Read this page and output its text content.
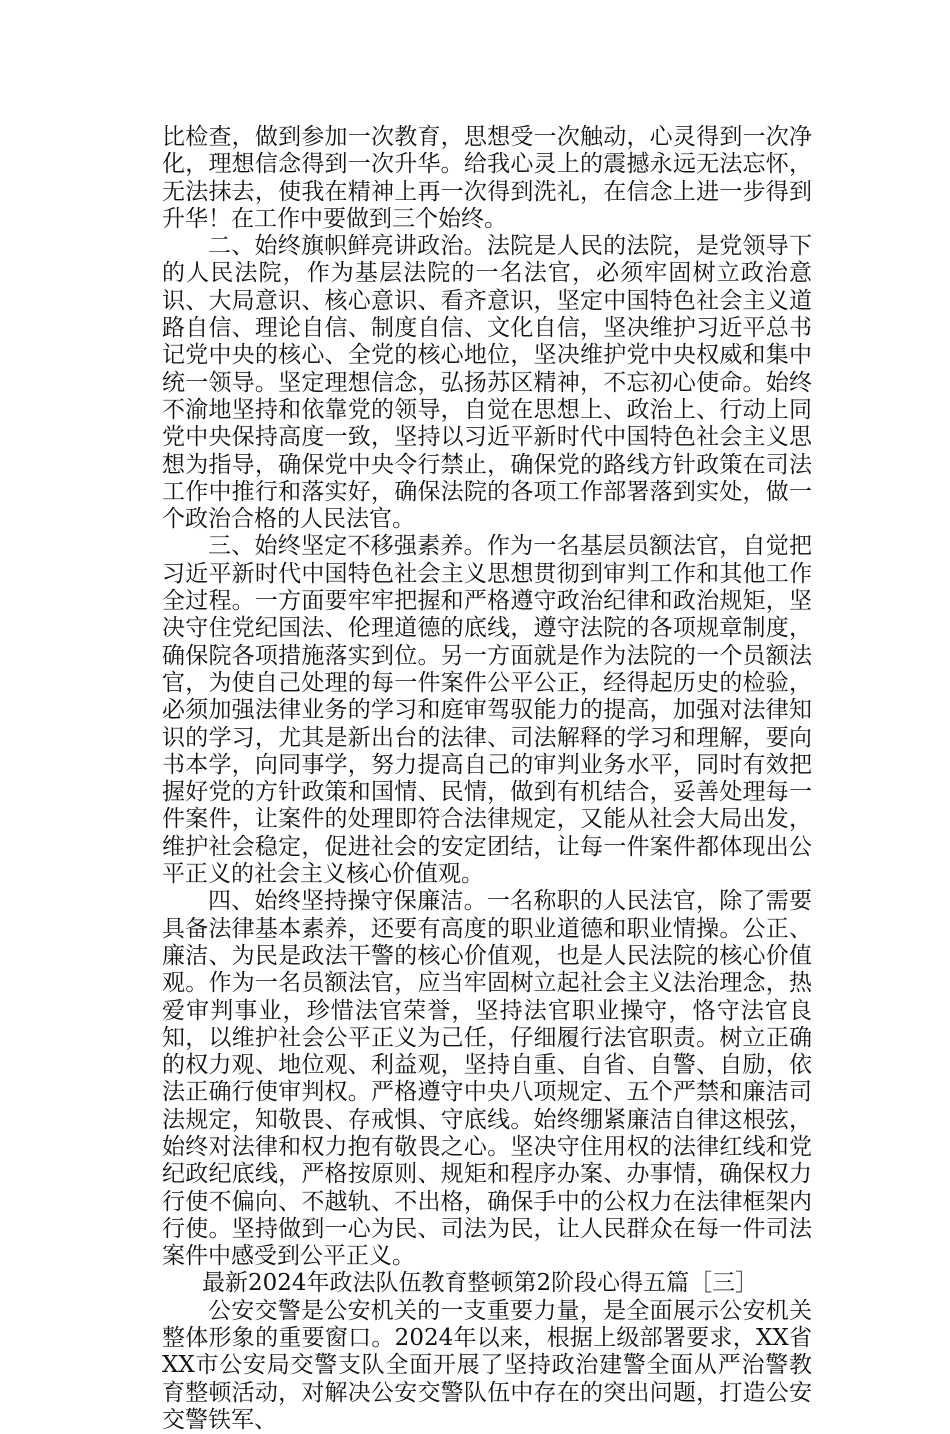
比检查，做到参加一次教育，思想受一次触动，心灵得到一次净化，理想信念得到一次升华。给我心灵上的震撼永远无法忘怀，无法抹去，使我在精神上再一次得到洗礼，在信念上进一步得到升华！在工作中要做到三个始终。

二、始终旗帜鲜亮讲政治。法院是人民的法院，是党领导下的人民法院，作为基层法院的一名法官，必须牢固树立政治意识、大局意识、核心意识、看齐意识，坚定中国特色社会主义道路自信、理论自信、制度自信、文化自信，坚决维护习近平总书记党中央的核心、全党的核心地位，坚决维护党中央权威和集中统一领导。坚定理想信念，弘扬苏区精神，不忘初心使命。始终不渝地坚持和依靠党的领导，自觉在思想上、政治上、行动上同党中央保持高度一致，坚持以习近平新时代中国特色社会主义思想为指导，确保党中央令行禁止，确保党的路线方针政策在司法工作中推行和落实好，确保法院的各项工作部署落到实处，做一个政治合格的人民法官。

三、始终坚定不移强素养。作为一名基层员额法官，自觉把习近平新时代中国特色社会主义思想贯彻到审判工作和其他工作全过程。一方面要牢牢把握和严格遵守政治纪律和政治规矩，坚决守住党纪国法、伦理道德的底线，遵守法院的各项规章制度，确保院各项措施落实到位。另一方面就是作为法院的一个员额法官，为使自己处理的每一件案件公平公正，经得起历史的检验，必须加强法律业务的学习和庭审驾驭能力的提高，加强对法律知识的学习，尤其是新出台的法律、司法解释的学习和理解，要向书本学，向同事学，努力提高自己的审判业务水平，同时有效把握好党的方针政策和国情、民情，做到有机结合，妥善处理每一件案件，让案件的处理即符合法律规定，又能从社会大局出发，维护社会稳定，促进社会的安定团结，让每一件案件都体现出公平正义的社会主义核心价值观。

四、始终坚持操守保廉洁。一名称职的人民法官，除了需要具备法律基本素养，还要有高度的职业道德和职业情操。公正、廉洁、为民是政法干警的核心价值观，也是人民法院的核心价值观。作为一名员额法官，应当牢固树立起社会主义法治理念，热爱审判事业，珍惜法官荣誉，坚持法官职业操守，恪守法官良知，以维护社会公平正义为己任，仔细履行法官职责。树立正确的权力观、地位观、利益观，坚持自重、自省、自警、自励，依法正确行使审判权。严格遵守中央八项规定、五个严禁和廉洁司法规定，知敬畏、存戒惧、守底线。始终绷紧廉洁自律这根弦，始终对法律和权力抱有敬畏之心。坚决守住用权的法律红线和党纪政纪底线，严格按原则、规矩和程序办案、办事情，确保权力行使不偏向、不越轨、不出格，确保手中的公权力在法律框架内行使。坚持做到一心为民、司法为民，让人民群众在每一件司法案件中感受到公平正义。

最新2024年政法队伍教育整顿第2阶段心得五篇［三］

公安交警是公安机关的一支重要力量，是全面展示公安机关整体形象的重要窗口。2024年以来，根据上级部署要求，XX省XX市公安局交警支队全面开展了坚持政治建警全面从严治警教育整顿活动，对解决公安交警队伍中存在的突出问题，打造公安交警铁军、
